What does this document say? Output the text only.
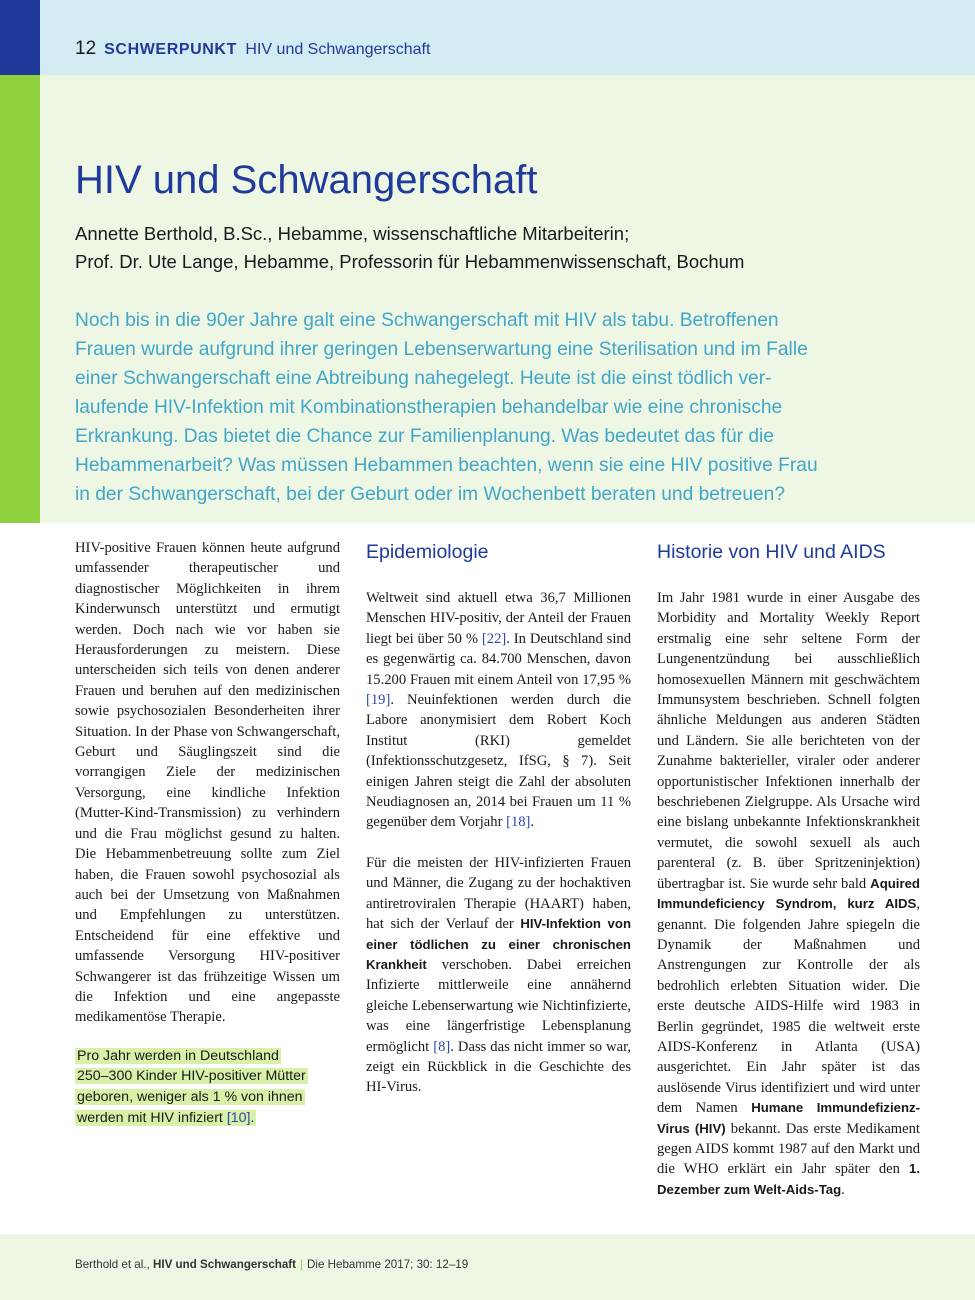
12 SCHWERPUNKT HIV und Schwangerschaft
HIV und Schwangerschaft
Annette Berthold, B.Sc., Hebamme, wissenschaftliche Mitarbeiterin;
Prof. Dr. Ute Lange, Hebamme, Professorin für Hebammenwissenschaft, Bochum
Noch bis in die 90er Jahre galt eine Schwangerschaft mit HIV als tabu. Betroffenen
Frauen wurde aufgrund ihrer geringen Lebenserwartung eine Sterilisation und im Falle
einer Schwangerschaft eine Abtreibung nahegelegt. Heute ist die einst tödlich ver-
laufende HIV-Infektion mit Kombinationstherapien behandelbar wie eine chronische
Erkrankung. Das bietet die Chance zur Familienplanung. Was bedeutet das für die
Hebammenarbeit? Was müssen Hebammen beachten, wenn sie eine HIV positive Frau
in der Schwangerschaft, bei der Geburt oder im Wochenbett beraten und betreuen?

HIV-positive Frauen können heute aufgrund umfassender therapeutischer und diagnostischer Möglichkeiten in ihrem Kinderwunsch unterstützt und ermutigt werden. Doch nach wie vor haben sie Herausforderungen zu meistern. Diese unterscheiden sich teils von denen anderer Frauen und beruhen auf den medizinischen sowie psychosozialen Besonderheiten ihrer Situation. In der Phase von Schwangerschaft, Geburt und Säuglingszeit sind die vorrangigen Ziele der medizinischen Versorgung, eine kindliche Infektion (Mutter-Kind-Transmission) zu verhindern und die Frau möglichst gesund zu halten. Die Hebammenbetreuung sollte zum Ziel haben, die Frauen sowohl psychosozial als auch bei der Umsetzung von Maßnahmen und Empfehlungen zu unterstützen. Entscheidend für eine effektive und umfassende Versorgung HIV-positiver Schwangerer ist das frühzeitige Wissen um die Infektion und eine angepasste medikamentöse Therapie.

Pro Jahr werden in Deutschland
250–300 Kinder HIV-positiver Mütter
geboren, weniger als 1 % von ihnen
werden mit HIV infiziert [10].
Epidemiologie

Weltweit sind aktuell etwa 36,7 Millionen Menschen HIV-positiv, der Anteil der Frauen liegt bei über 50 % [22]. In Deutschland sind es gegenwärtig ca. 84.700 Menschen, davon 15.200 Frauen mit einem Anteil von 17,95 % [19]. Neuinfektionen werden durch die Labore anonymisiert dem Robert Koch Institut (RKI) gemeldet (Infektionsschutzgesetz, IfSG, § 7). Seit einigen Jahren steigt die Zahl der absoluten Neudiagnosen an, 2014 bei Frauen um 11 % gegenüber dem Vorjahr [18].

Für die meisten der HIV-infizierten Frauen und Männer, die Zugang zu der hochaktiven antiretroviralen Therapie (HAART) haben, hat sich der Verlauf der HIV-Infektion von einer tödlichen zu einer chronischen Krankheit verschoben. Dabei erreichen Infizierte mittlerweile eine annähernd gleiche Lebenserwartung wie Nichtinfizierte, was eine längerfristige Lebensplanung ermöglicht [8]. Dass das nicht immer so war, zeigt ein Rückblick in die Geschichte des HI-Virus.

Historie von HIV und AIDS

Im Jahr 1981 wurde in einer Ausgabe des Morbidity and Mortality Weekly Report erstmalig eine sehr seltene Form der Lungenentzündung bei ausschließlich homosexuellen Männern mit geschwächtem Immunsystem beschrieben. Schnell folgten ähnliche Meldungen aus anderen Städten und Ländern. Sie alle berichteten von der Zunahme bakterieller, viraler oder anderer opportunistischer Infektionen innerhalb der beschriebenen Zielgruppe. Als Ursache wird eine bislang unbekannte Infektionskrankheit vermutet, die sowohl sexuell als auch parenteral (z. B. über Spritzeninjektion) übertragbar ist. Sie wurde sehr bald Aquired Immundeficiency Syndrom, kurz AIDS, genannt. Die folgenden Jahre spiegeln die Dynamik der Maßnahmen und Anstrengungen zur Kontrolle der als bedrohlich erlebten Situation wider. Die erste deutsche AIDS-Hilfe wird 1983 in Berlin gegründet, 1985 die weltweit erste AIDS-Konferenz in Atlanta (USA) ausgerichtet. Ein Jahr später ist das auslösende Virus identifiziert und wird unter dem Namen Humane Immundefizienz-Virus (HIV) bekannt. Das erste Medikament gegen AIDS kommt 1987 auf den Markt und die WHO erklärt ein Jahr später den 1. Dezember zum Welt-Aids-Tag.

Berthold et al., HIV und Schwangerschaft | Die Hebamme 2017; 30: 12–19
